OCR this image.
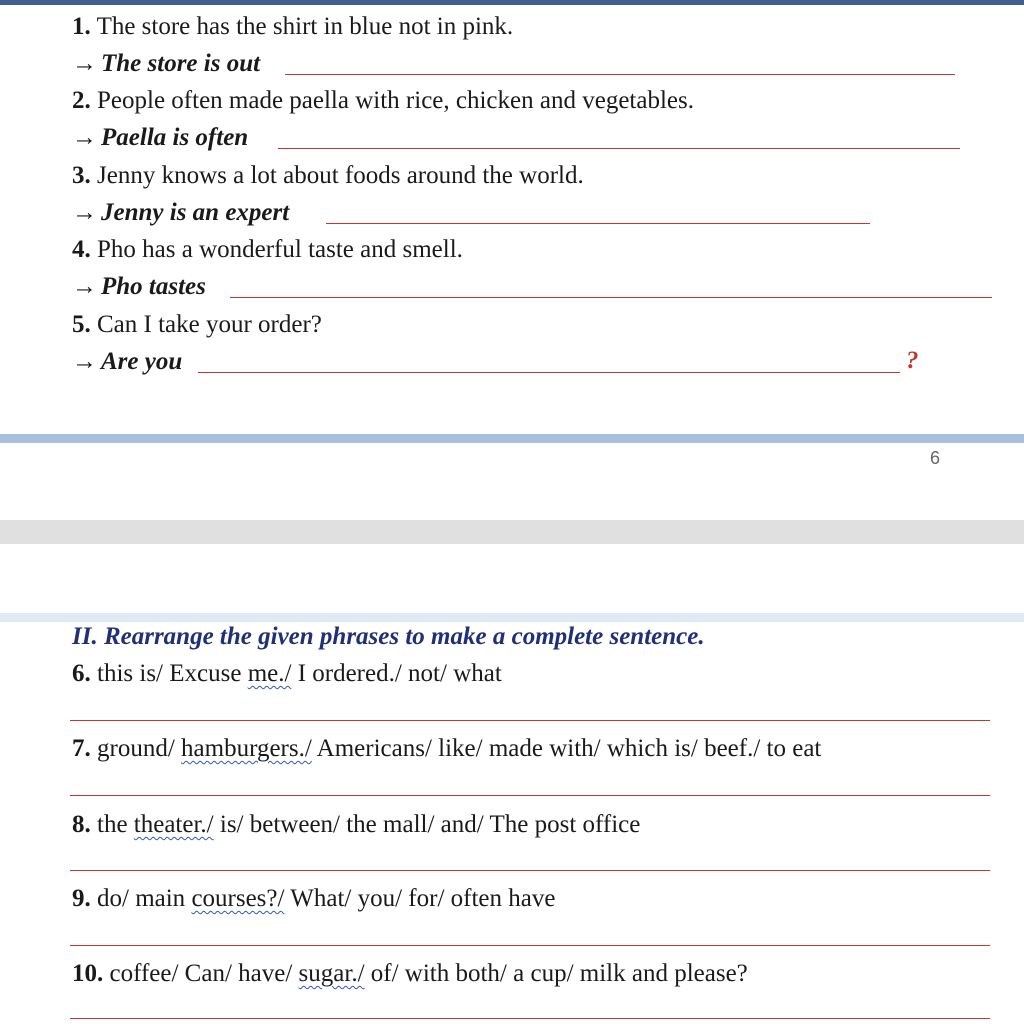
1. The store has the shirt in blue not in pink.
→ The store is out
2. People often made paella with rice, chicken and vegetables.
→ Paella is often
3. Jenny knows a lot about foods around the world.
→ Jenny is an expert
4. Pho has a wonderful taste and smell.
→ Pho tastes
5. Can I take your order?
→ Are you	?
6
II. Rearrange the given phrases to make a complete sentence.
6. this is/ Excuse me./ I ordered./ not/ what
7. ground/ hamburgers./ Americans/ like/ made with/ which is/ beef./ to eat
8. the theater./ is/ between/ the mall/ and/ The post office
9. do/ main courses?/ What/ you/ for/ often have
10. coffee/ Can/ have/ sugar./ of/ with both/ a cup/ milk and please?
